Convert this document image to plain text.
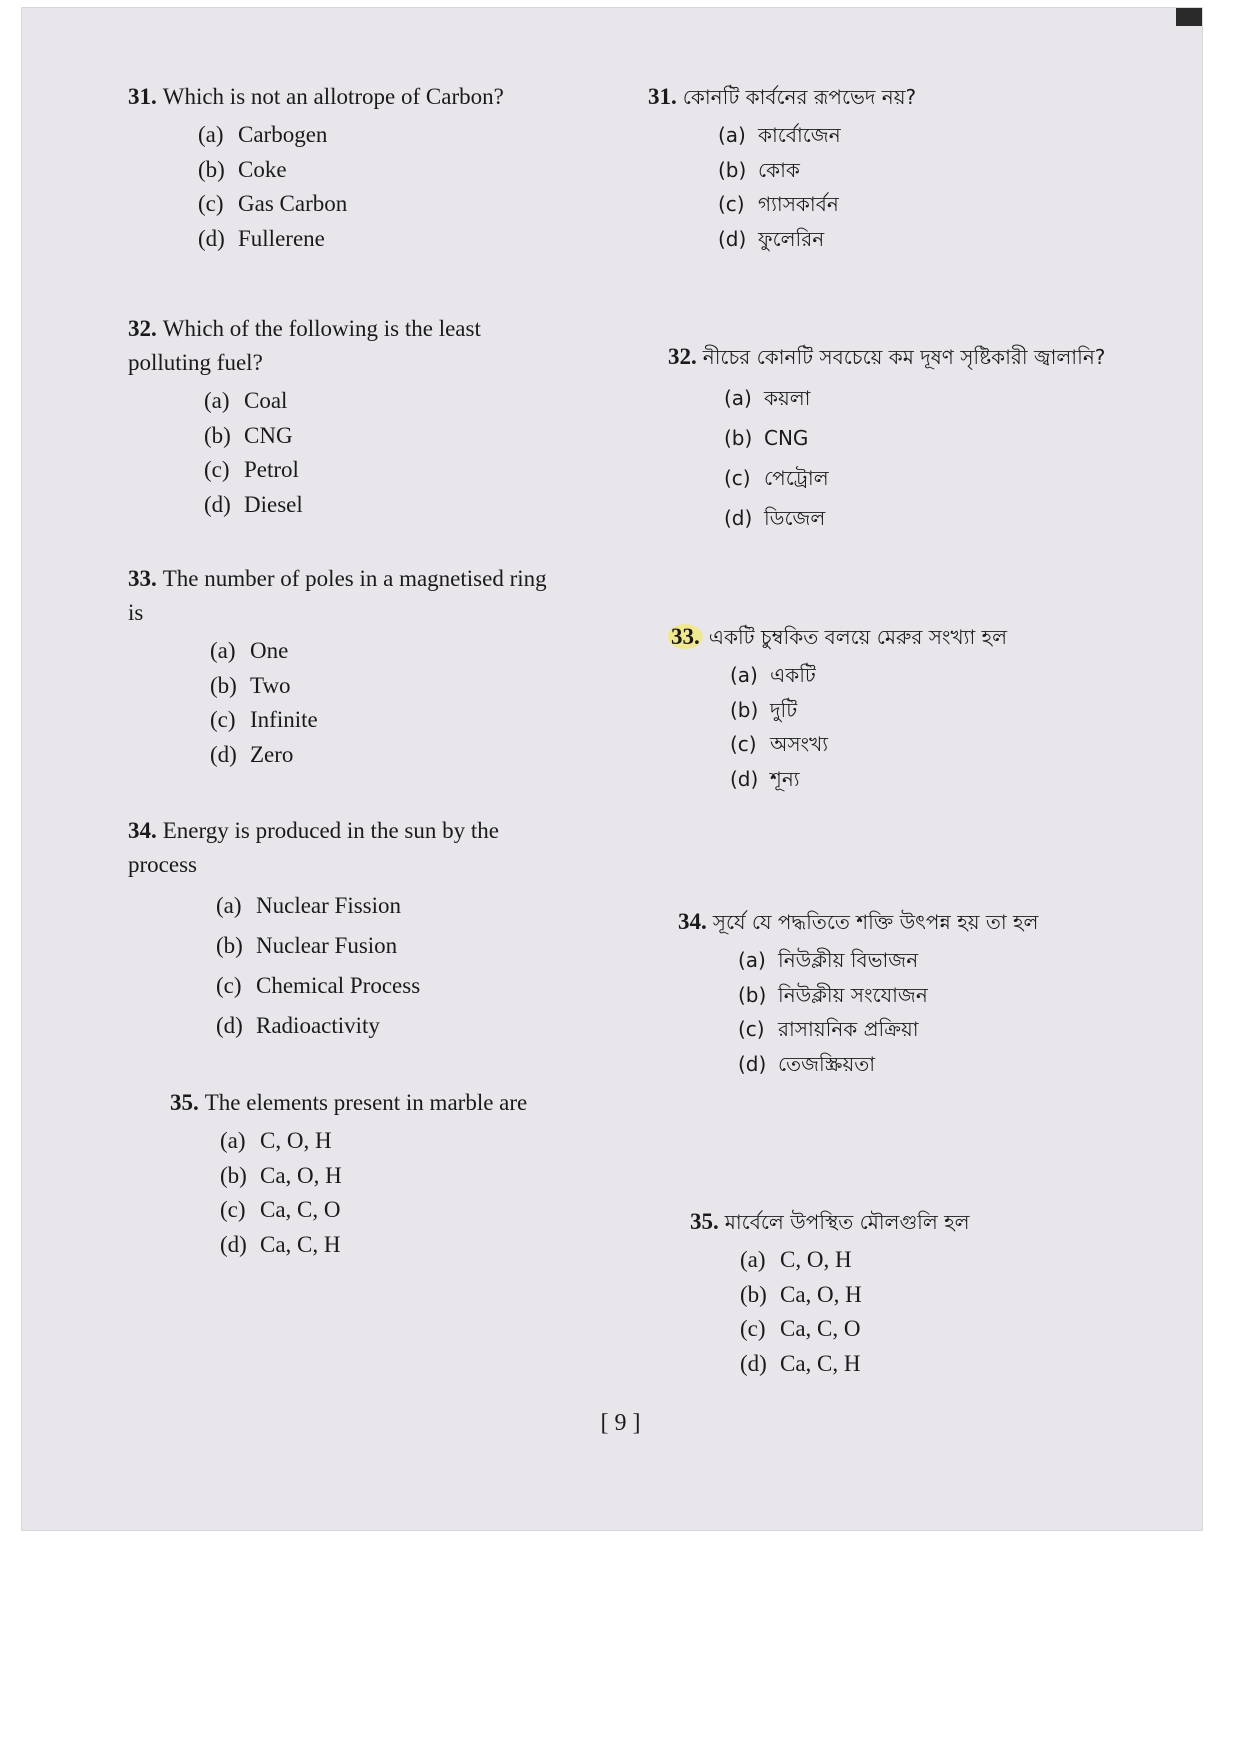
31. Which is not an allotrope of Carbon?

(a) Carbogen
(b) Coke
(c) Gas Carbon
(d) Fullerene

32. Which of the following is the least polluting fuel?

(a) Coal
(b) CNG
(c) Petrol
(d) Diesel

33. The number of poles in a magnetised ring is

(a) One
(b) Two
(c) Infinite
(d) Zero

34. Energy is produced in the sun by the process

(a) Nuclear Fission
(b) Nuclear Fusion
(c) Chemical Process
(d) Radioactivity

35. The elements present in marble are

(a) C, O, H
(b) Ca, O, H
(c) Ca, C, O
(d) Ca, C, H

31. কোনটি কার্বনের রূপভেদ নয়?

(a) কার্বোজেন
(b) কোক
(c) গ্যাসকার্বন
(d) ফুলেরিন

32. নীচের কোনটি সবচেয়ে কম দূষণ সৃষ্টিকারী জ্বালানি?

(a) কয়লা
(b) CNG
(c) পেট্রোল
(d) ডিজেল

33. একটি চুম্বকিত বলয়ে মেরুর সংখ্যা হল

(a) একটি
(b) দুটি
(c) অসংখ্য
(d) শূন্য

34. সূর্যে যে পদ্ধতিতে শক্তি উৎপন্ন হয় তা হল

(a) নিউক্লীয় বিভাজন
(b) নিউক্লীয় সংযোজন
(c) রাসায়নিক প্রক্রিয়া
(d) তেজস্ক্রিয়তা

35. মার্বেলে উপস্থিত মৌলগুলি হল

(a) C, O, H
(b) Ca, O, H
(c) Ca, C, O
(d) Ca, C, H
[ 9 ]
